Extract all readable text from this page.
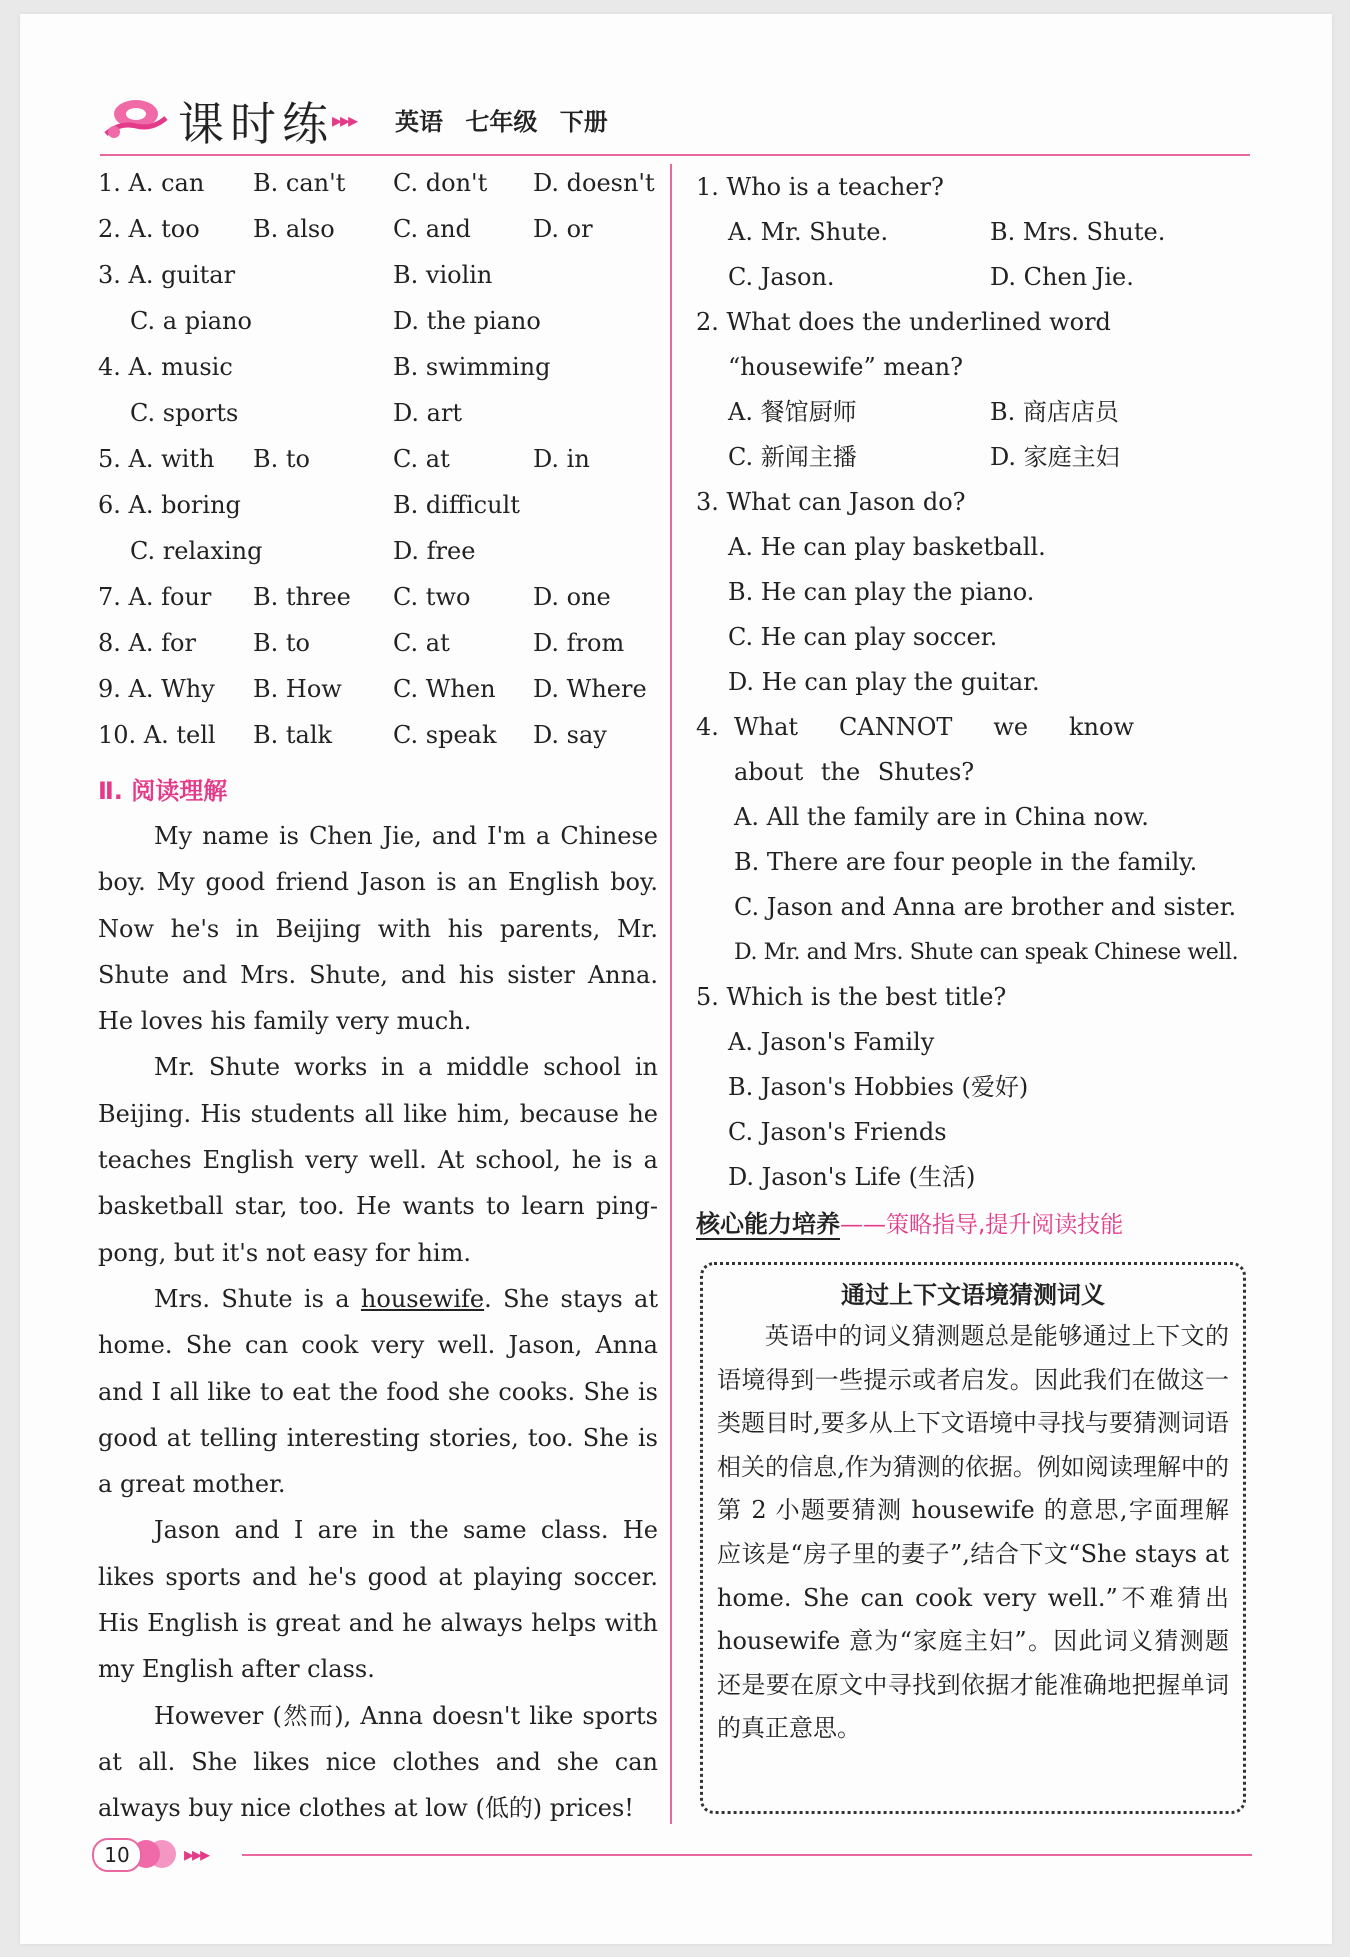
课时练
▸▸▸ 英语 七年级 下册
1. A. can B. can't C. don't D. doesn't
2. A. too B. also C. and	D. or
3. A. guitar	B. violin
C. a piano	D. the piano
4. A. music	B. swimming
C. sports	D. art
5. A. with B. to	C. at	D. in
6. A. boring	B. difficult
C. relaxing	D. free
7. A. four B. three C. two	D. one
8. A. for B. to	C. at	D. from
9. A. Why B. How C. When D. Where
10. A. tell B. talk	C. speak D. say
Ⅱ. 阅读理解

My name is Chen Jie, and I'm a Chinese boy. My good friend Jason is an English boy. Now he's in Beijing with his parents, Mr. Shute and Mrs. Shute, and his sister Anna. He loves his family very much.

Mr. Shute works in a middle school in Beijing. His students all like him, because he teaches English very well. At school, he is a basketball star, too. He wants to learn ping-pong, but it's not easy for him.

Mrs. Shute is a housewife. She stays at home. She can cook very well. Jason, Anna and I all like to eat the food she cooks. She is good at telling interesting stories, too. She is a great mother.

Jason and I are in the same class. He likes sports and he's good at playing soccer. His English is great and he always helps with my English after class.

However (然而), Anna doesn't like sports at all. She likes nice clothes and she can always buy nice clothes at low (低的) prices!

1. Who is a teacher?
A. Mr. Shute.	B. Mrs. Shute.
C. Jason.	D. Chen Jie.
2. What does the underlined word “housewife” mean?
A. 餐馆厨师	B. 商店店员
C. 新闻主播	D. 家庭主妇
3. What can Jason do?
A. He can play basketball.
B. He can play the piano.
C. He can play soccer.
D. He can play the guitar.
4. What CANNOT we know about the Shutes?
A. All the family are in China now.
B. There are four people in the family.
C. Jason and Anna are brother and sister.
D. Mr. and Mrs. Shute can speak Chinese well.
5. Which is the best title?
A. Jason's Family
B. Jason's Hobbies (爱好)
C. Jason's Friends
D. Jason's Life (生活)
核心能力培养——策略指导,提升阅读技能
通过上下文语境猜测词义

英语中的词义猜测题总是能够通过上下文的语境得到一些提示或者启发。因此我们在做这一类题目时,要多从上下文语境中寻找与要猜测词语相关的信息,作为猜测的依据。例如阅读理解中的第 2 小题要猜测 housewife 的意思,字面理解应该是“房子里的妻子”,结合下文“She stays at home. She can cook very well.”不难猜出 housewife 意为“家庭主妇”。因此词义猜测题还是要在原文中寻找到依据才能准确地把握单词的真正意思。

10	▸▸▸
